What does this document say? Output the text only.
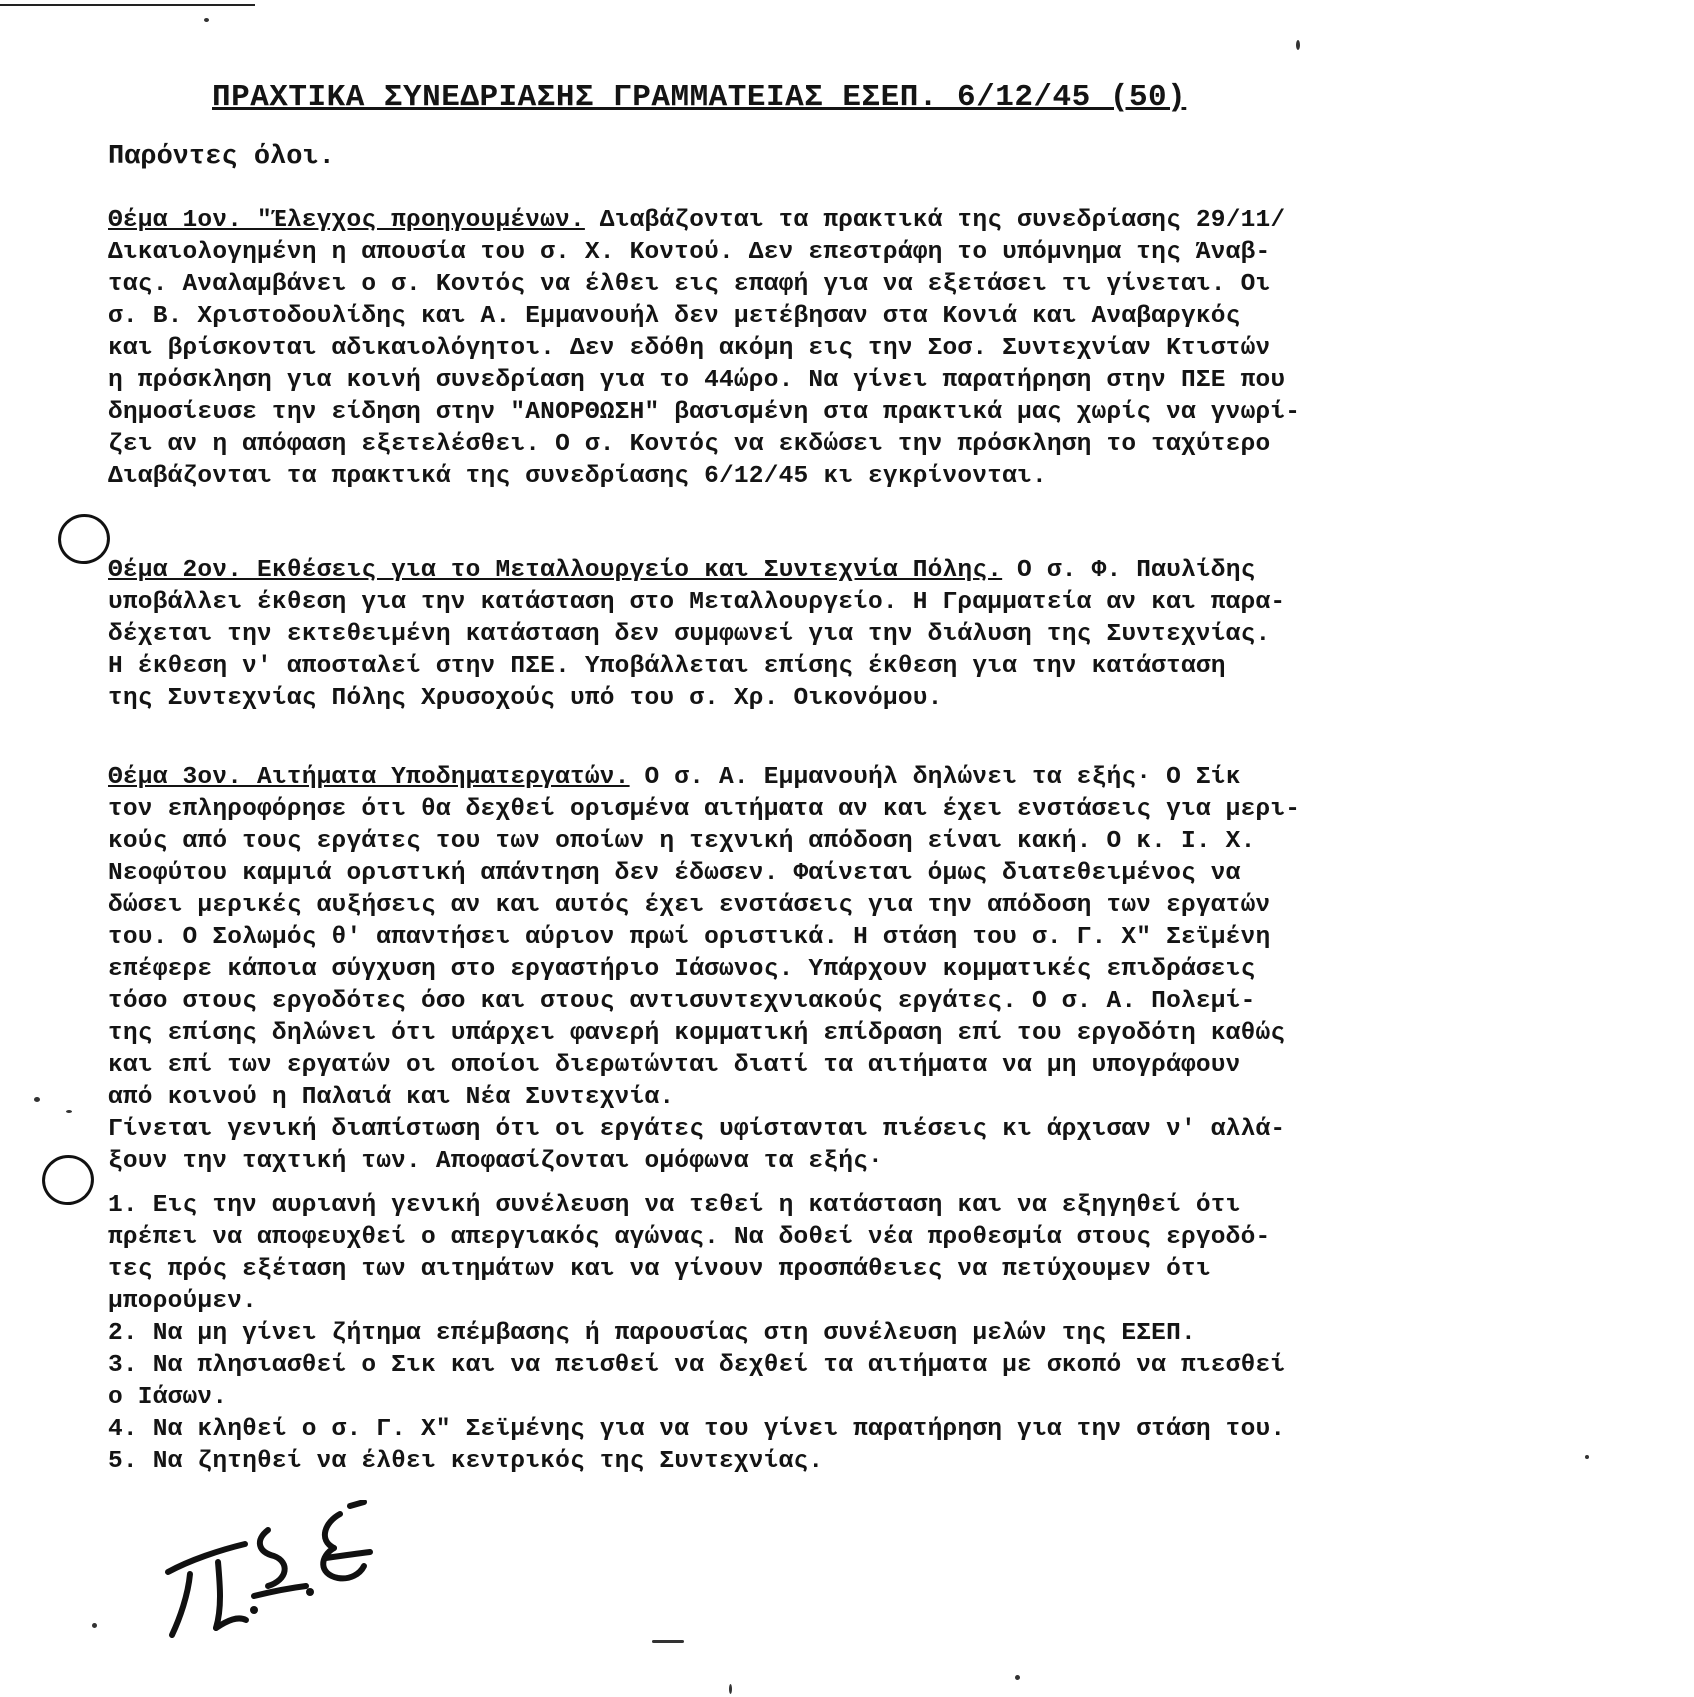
ΠΡΑΧΤΙΚΑ ΣΥΝΕΔΡΙΑΣΗΣ ΓΡΑΜΜΑΤΕΙΑΣ ΕΣΕΠ. 6/12/45 (50)
Παρόντες όλοι.
Θέμα 1ον. "Έλεγχος προηγουμένων. Διαβάζονται τα πρακτικά της συνεδρίασης 29/11/
Δικαιολογημένη η απουσία του σ. Χ. Κοντού. Δεν επεστράφη το υπόμνημα της Άναβ-
τας. Αναλαμβάνει ο σ. Κοντός να έλθει εις επαφή για να εξετάσει τι γίνεται. Οι
σ. Β. Χριστοδουλίδης και Α. Εμμανουήλ δεν μετέβησαν στα Κονιά και Αναβαργκός
και βρίσκονται αδικαιολόγητοι. Δεν εδόθη ακόμη εις την Σοσ. Συντεχνίαν Κτιστών
η πρόσκληση για κοινή συνεδρίαση για το 44ώρο. Να γίνει παρατήρηση στην ΠΣΕ που
δημοσίευσε την είδηση στην "ΑΝΟΡΘΩΣΗ" βασισμένη στα πρακτικά μας χωρίς να γνωρί-
ζει αν η απόφαση εξετελέσθει. Ο σ. Κοντός να εκδώσει την πρόσκληση το ταχύτερο
Διαβάζονται τα πρακτικά της συνεδρίασης 6/12/45 κι εγκρίνονται.
Θέμα 2ον. Εκθέσεις για το Μεταλλουργείο και Συντεχνία Πόλης. Ο σ. Φ. Παυλίδης
υποβάλλει έκθεση για την κατάσταση στο Μεταλλουργείο. Η Γραμματεία αν και παρα-
δέχεται την εκτεθειμένη κατάσταση δεν συμφωνεί για την διάλυση της Συντεχνίας.
Η έκθεση ν' αποσταλεί στην ΠΣΕ. Υποβάλλεται επίσης έκθεση για την κατάσταση
της Συντεχνίας Πόλης Χρυσοχούς υπό του σ. Χρ. Οικονόμου.
Θέμα 3ον. Αιτήματα Υποδηματεργατών. Ο σ. Α. Εμμανουήλ δηλώνει τα εξής· Ο Σίκ
τον επληροφόρησε ότι θα δεχθεί ορισμένα αιτήματα αν και έχει ενστάσεις για μερι-
κούς από τους εργάτες του των οποίων η τεχνική απόδοση είναι κακή. Ο κ. Ι. Χ.
Νεοφύτου καμμιά οριστική απάντηση δεν έδωσεν. Φαίνεται όμως διατεθειμένος να
δώσει μερικές αυξήσεις αν και αυτός έχει ενστάσεις για την απόδοση των εργατών
του. Ο Σολωμός θ' απαντήσει αύριον πρωί οριστικά. Η στάση του σ. Γ. Χ" Σεϊμένη
επέφερε κάποια σύγχυση στο εργαστήριο Ιάσωνος. Υπάρχουν κομματικές επιδράσεις
τόσο στους εργοδότες όσο και στους αντισυντεχνιακούς εργάτες. Ο σ. Α. Πολεμί-
της επίσης δηλώνει ότι υπάρχει φανερή κομματική επίδραση επί του εργοδότη καθώς
και επί των εργατών οι οποίοι διερωτώνται διατί τα αιτήματα να μη υπογράφουν
από κοινού η Παλαιά και Νέα Συντεχνία.
Γίνεται γενική διαπίστωση ότι οι εργάτες υφίστανται πιέσεις κι άρχισαν ν' αλλά-
ξουν την ταχτική των. Αποφασίζονται ομόφωνα τα εξής·
1. Εις την αυριανή γενική συνέλευση να τεθεί η κατάσταση και να εξηγηθεί ότι
πρέπει να αποφευχθεί ο απεργιακός αγώνας. Να δοθεί νέα προθεσμία στους εργοδό-
τες πρός εξέταση των αιτημάτων και να γίνουν προσπάθειες να πετύχουμεν ότι
μπορούμεν.
2. Να μη γίνει ζήτημα επέμβασης ή παρουσίας στη συνέλευση μελών της ΕΣΕΠ.
3. Να πλησιασθεί ο Σικ και να πεισθεί να δεχθεί τα αιτήματα με σκοπό να πιεσθεί
ο Ιάσων.
4. Να κληθεί ο σ. Γ. Χ" Σεϊμένης για να του γίνει παρατήρηση για την στάση του.
5. Να ζητηθεί να έλθει κεντρικός της Συντεχνίας.
